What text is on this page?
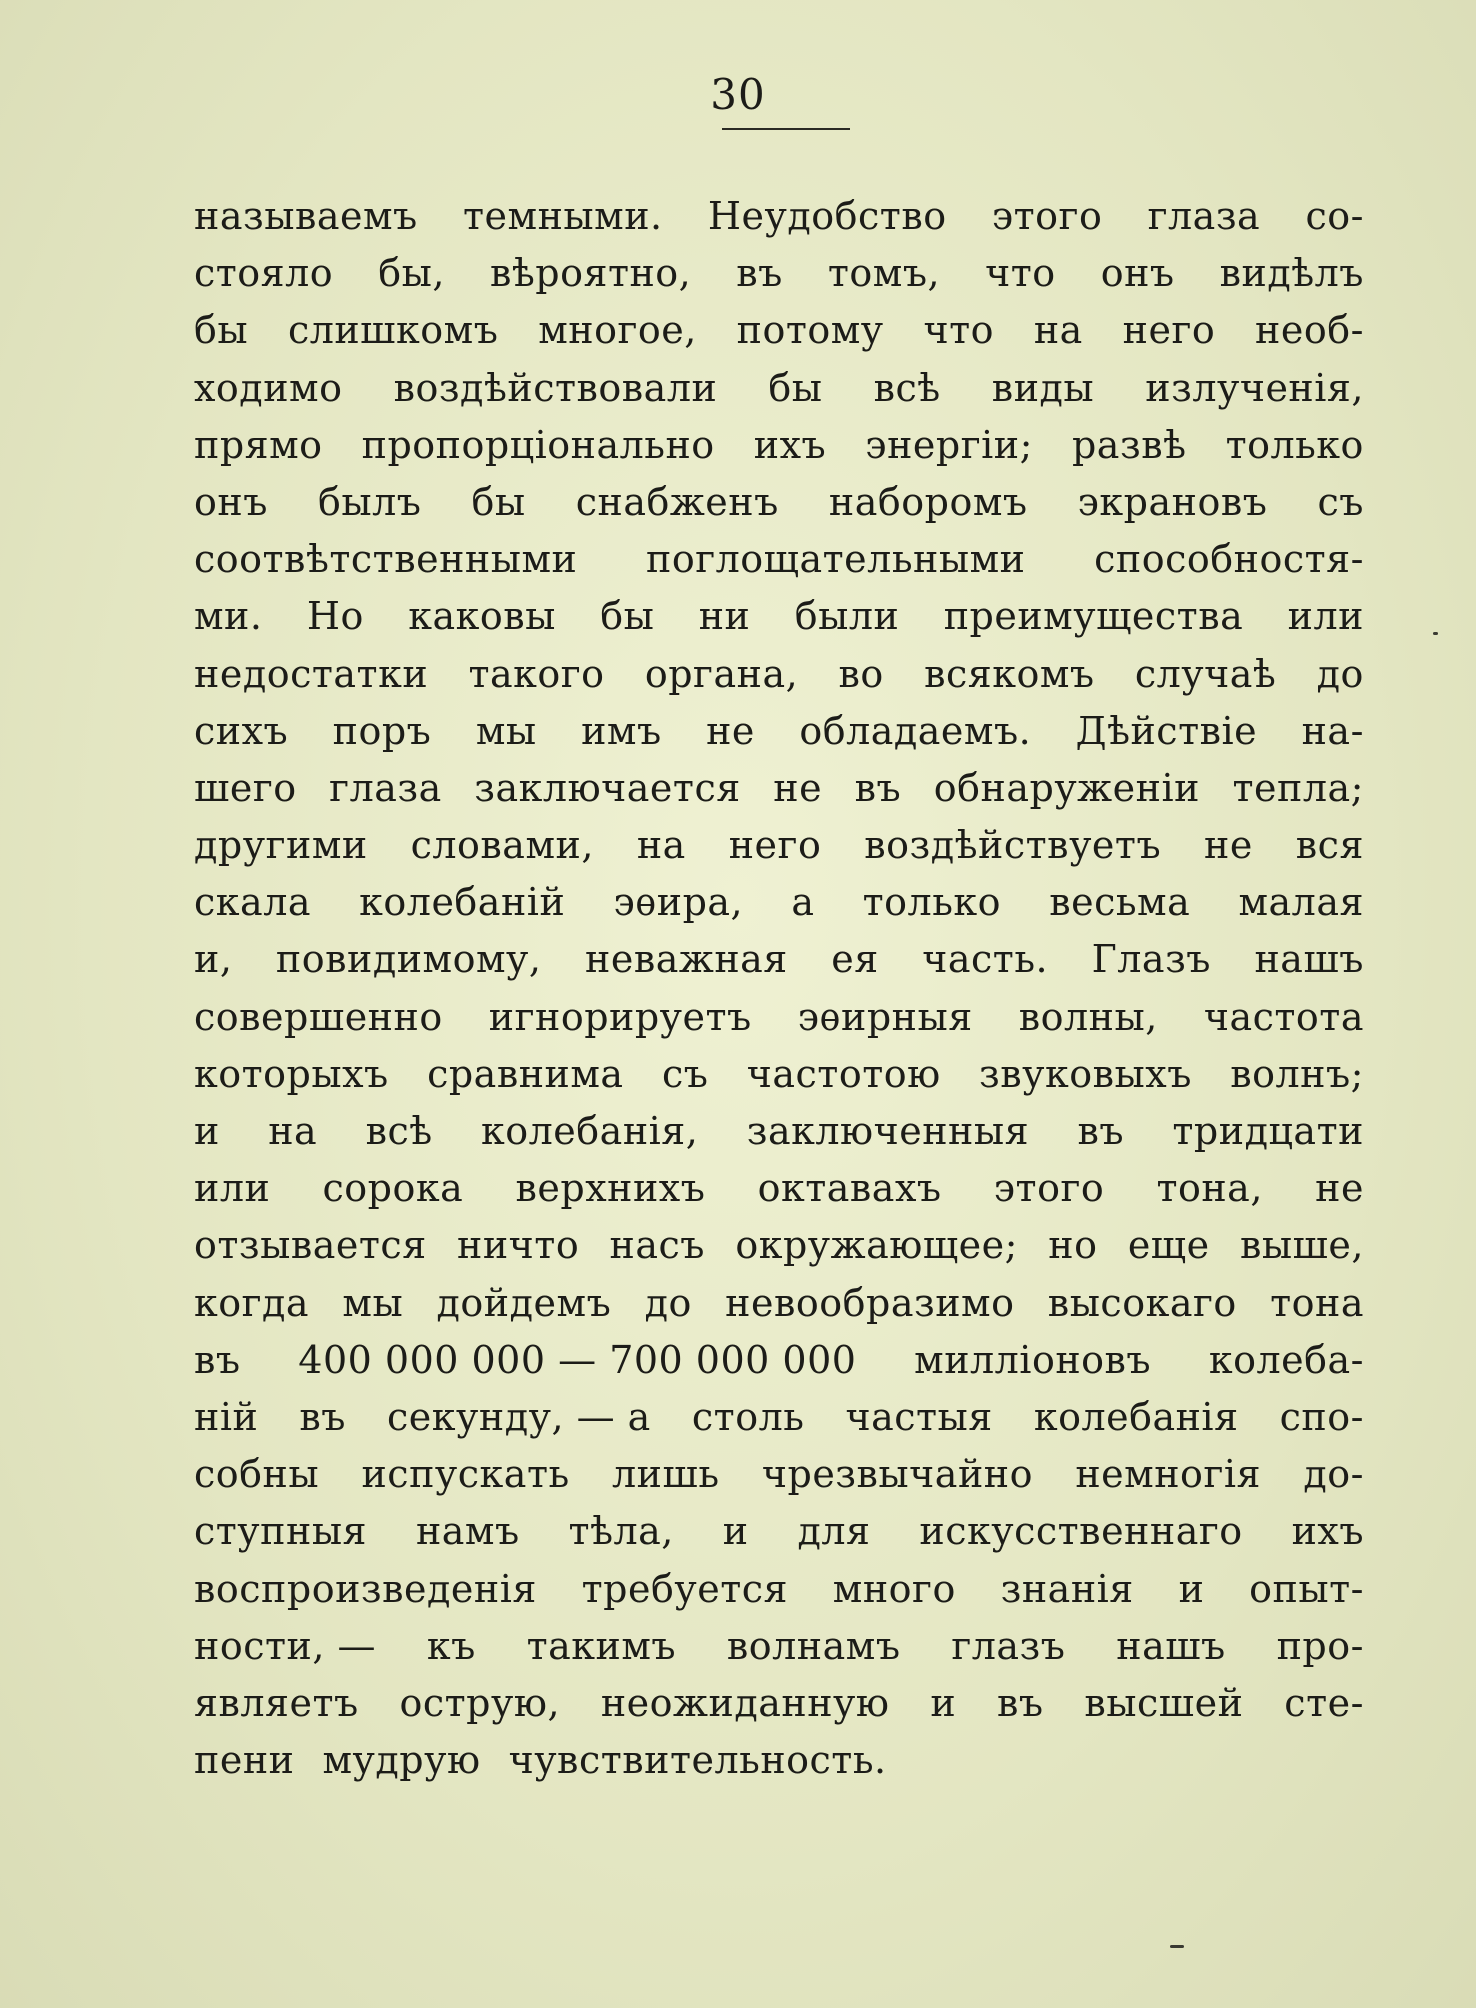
30
называемъ темными. Неудобство этого глаза со-
стояло бы, вѣроятно, въ томъ, что онъ видѣлъ
бы слишкомъ многое, потому что на него необ-
ходимо воздѣйствовали бы всѣ виды излученія,
прямо пропорціонально ихъ энергіи; развѣ только
онъ былъ бы снабженъ наборомъ экрановъ съ
соотвѣтственными поглощательными способностя-
ми. Но каковы бы ни были преимущества или
недостатки такого органа, во всякомъ случаѣ до
сихъ поръ мы имъ не обладаемъ. Дѣйствіе на-
шего глаза заключается не въ обнаруженіи тепла;
другими словами, на него воздѣйствуетъ не вся
скала колебаній эѳира, а только весьма малая
и, повидимому, неважная ея часть. Глазъ нашъ
совершенно игнорируетъ эѳирныя волны, частота
которыхъ сравнима съ частотою звуковыхъ волнъ;
и на всѣ колебанія, заключенныя въ тридцати
или сорока верхнихъ октавахъ этого тона, не
отзывается ничто насъ окружающее; но еще выше,
когда мы дойдемъ до невообразимо высокаго тона
въ 400 000 000 — 700 000 000 милліоновъ колеба-
ній въ секунду, — а столь частыя колебанія спо-
собны испускать лишь чрезвычайно немногія до-
ступныя намъ тѣла, и для искусственнаго ихъ
воспроизведенія требуется много знанія и опыт-
ности, — къ такимъ волнамъ глазъ нашъ про-
являетъ острую, неожиданную и въ высшей сте-
пени мудрую чувствительность.
